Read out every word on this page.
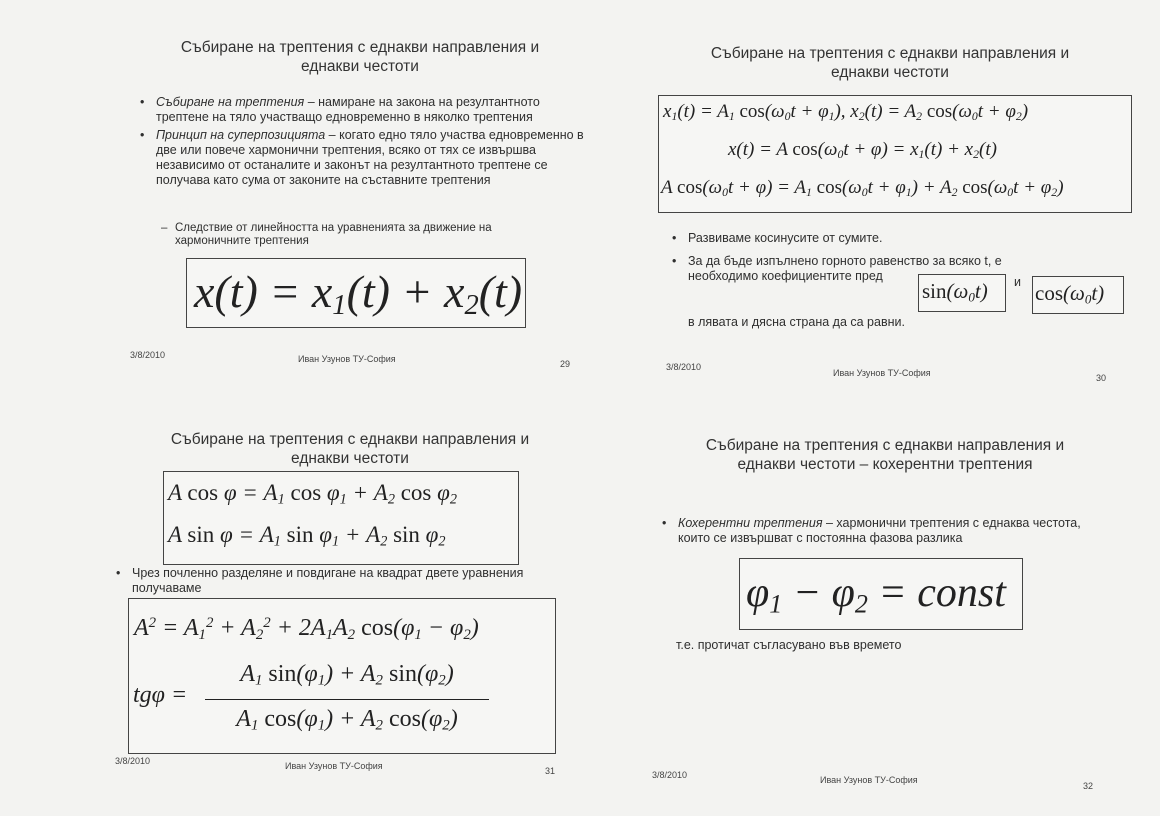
Събиране на трептения с еднакви направления и еднакви честоти
• Събиране на трептения – намиране на закона на резултантното трептене на тяло участващо едновременно в няколко трептения
• Принцип на суперпозицията – когато едно тяло участва едновременно в две или повече хармонични трептения, всяко от тях се извършва независимо от останалите и законът на резултантното трептене се получава като сума от законите на съставните трептения
– Следствие от линейността на уравненията за движение на хармоничните трептения
$x(t) = x_1(t) + x_2(t)$
3/8/2010	Иван Узунов ТУ-София	29
Събиране на трептения с еднакви направления и еднакви честоти
$x_1(t) = A_1$ $\cos(\omega_0t + \varphi_1)$, $x_2(t) = A_2$ $\cos(\omega_0t + \varphi_2)$
x(t) = A $\cos(\omega_0t + \varphi) = x_1(t) + x_2(t)$
A $\cos(\omega_0t + \varphi) = A_1$ $\cos(\omega_0t + \varphi_1) + A_2$ $\cos(\omega_0t + \varphi_2)$
• Развиваме косинусите от сумите.
• За да бъде изпълнено горното равенство за всяко t, е необходимо коефициентите пред	и
$\sin(\omega_0t)$ $\cos(\omega_0t)$
в лявата и дясна страна да са равни.
3/8/2010
Иван Узунов ТУ-София	30
Събиране на трептения с еднакви направления и еднакви честоти
A $\cos \varphi = A_1$ $\cos \varphi_1 + A_2$ $\cos \varphi_2$
A $\sin \varphi = A_1$ $\sin \varphi_1 + A_2$ $\sin \varphi_2$
• Чрез почленно разделяне и повдигане на квадрат двете уравнения получаваме
$A^2 = A_1^2 + A_2^2 + 2A_1A_2$ $\cos(\varphi_1 - \varphi_2)$
tgφ =
$A_1$ $\sin(\varphi_1) + A_2$ $\sin(\varphi_2)$
$A_1$ $\cos(\varphi_1) + A_2$ $\cos(\varphi_2)$
3/8/2010	Иван Узунов ТУ-София	31
Събиране на трептения с еднакви направления и еднакви честоти – кохерентни трептения
• Кохерентни трептения – хармонични трептения с еднаква честота, които се извършват с постоянна фазова разлика
$\varphi_1 - \varphi_2$ = const
т.е. протичат съгласувано във времето
3/8/2010	Иван Узунов ТУ-София
32
